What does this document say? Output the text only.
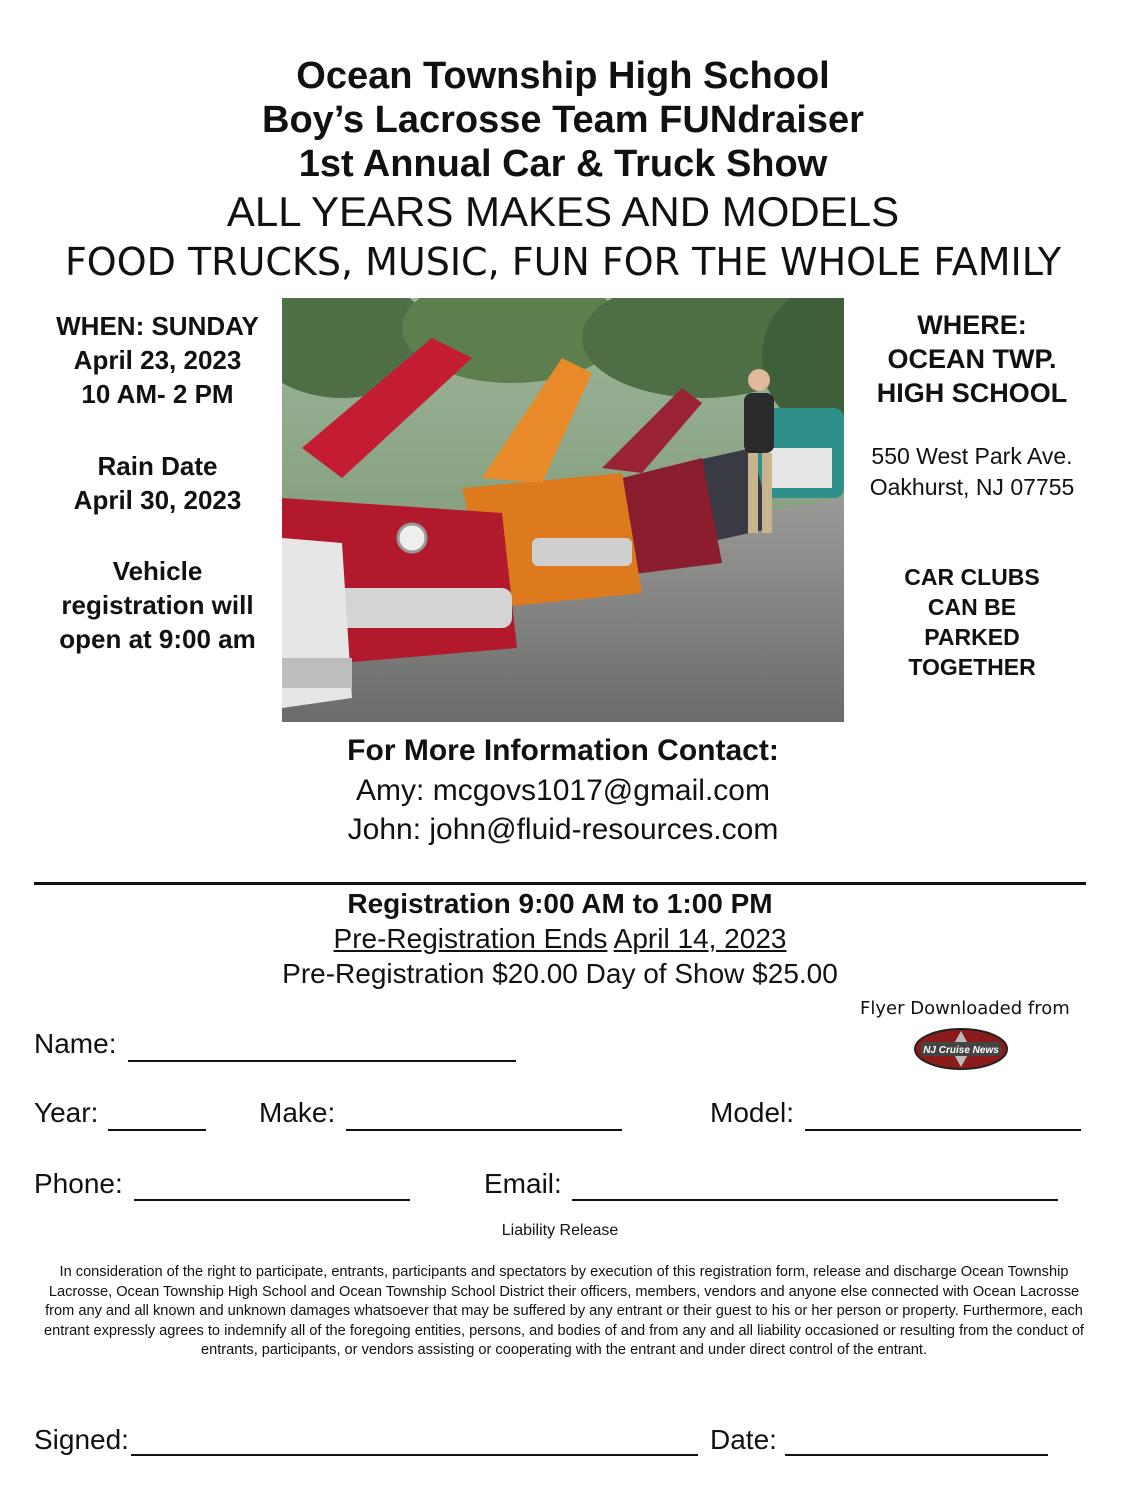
Ocean Township High School
Boy’s Lacrosse Team FUNdraiser
1st Annual Car & Truck Show
ALL YEARS MAKES AND MODELS
FOOD TRUCKS, MUSIC, FUN FOR THE WHOLE FAMILY
WHEN: SUNDAY
April 23, 2023
10 AM- 2 PM
Rain Date
April 30, 2023
Vehicle
registration will
open at 9:00 am
WHERE:
OCEAN TWP.
HIGH SCHOOL
550 West Park Ave.
Oakhurst, NJ 07755
CAR CLUBS
CAN BE
PARKED
TOGETHER
For More Information Contact:
Amy: mcgovs1017@gmail.com
John: john@fluid-resources.com
Registration 9:00 AM to 1:00 PM
Pre-Registration Ends April 14, 2023
Pre-Registration $20.00 Day of Show $25.00
Flyer Downloaded from
NJ Cruise News
Name:
Year:	Make:	Model:
Phone:	Email:
Liability Release
In consideration of the right to participate, entrants, participants and spectators by execution of this registration form, release and discharge Ocean Township Lacrosse, Ocean Township High School and Ocean Township School District their officers, members, vendors and anyone else connected with Ocean Lacrosse from any and all known and unknown damages whatsoever that may be suffered by any entrant or their guest to his or her person or property. Furthermore, each entrant expressly agrees to indemnify all of the foregoing entities, persons, and bodies of and from any and all liability occasioned or resulting from the conduct of entrants, participants, or vendors assisting or cooperating with the entrant and under direct control of the entrant.
Signed:	Date:
